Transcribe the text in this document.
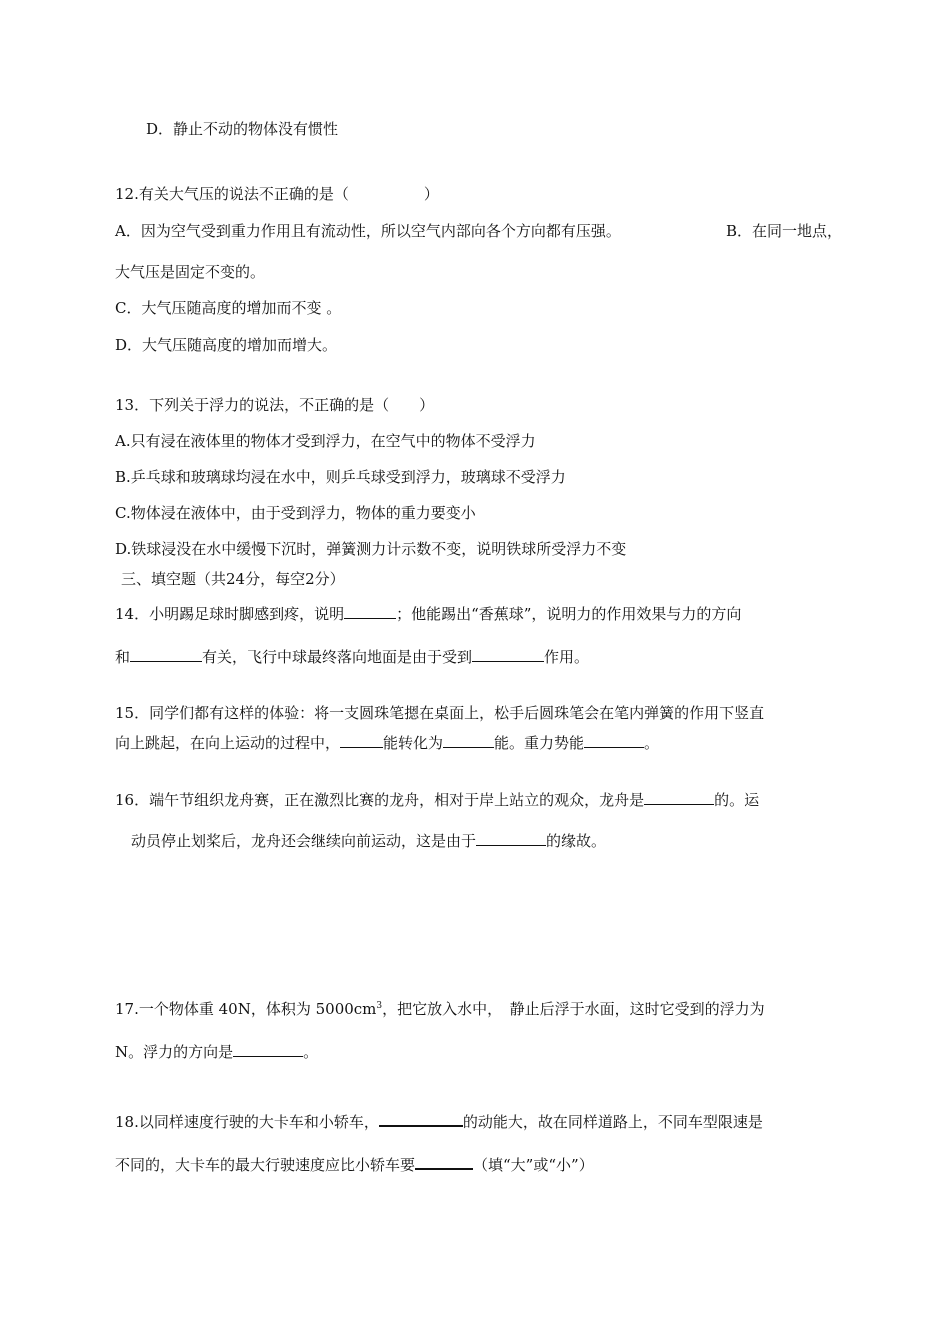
D．静止不动的物体没有惯性
12.有关大气压的说法不正确的是（　　　　　）
A．因为空气受到重力作用且有流动性，所以空气内部向各个方向都有压强。	B．在同一地点，
大气压是固定不变的。
C．大气压随高度的增加而不变 。
D．大气压随高度的增加而增大。
13．下列关于浮力的说法，不正确的是（　　）
A.只有浸在液体里的物体才受到浮力，在空气中的物体不受浮力
B.乒乓球和玻璃球均浸在水中，则乒乓球受到浮力，玻璃球不受浮力
C.物体浸在液体中，由于受到浮力，物体的重力要变小
D.铁球浸没在水中缓慢下沉时，弹簧测力计示数不变，说明铁球所受浮力不变
三、填空题（共24分，每空2分）
14．小明踢足球时脚感到疼，说明	；他能踢出“香蕉球”，说明力的作用效果与力的方向
和	有关，飞行中球最终落向地面是由于受到	作用。
15．同学们都有这样的体验：将一支圆珠笔摁在桌面上，松手后圆珠笔会在笔内弹簧的作用下竖直
向上跳起，在向上运动的过程中，	能转化为	能。重力势能	。
16．端午节组织龙舟赛，正在激烈比赛的龙舟，相对于岸上站立的观众，龙舟是	的。运
动员停止划桨后，龙舟还会继续向前运动，这是由于	的缘故。
17.一个物体重 40N，体积为 $5000cm^3$，把它放入水中，　静止后浮于水面，这时它受到的浮力为
N。浮力的方向是	。
18.以同样速度行驶的大卡车和小轿车，	的动能大，故在同样道路上，不同车型限速是
不同的，大卡车的最大行驶速度应比小轿车要	（填“大”或“小”）
